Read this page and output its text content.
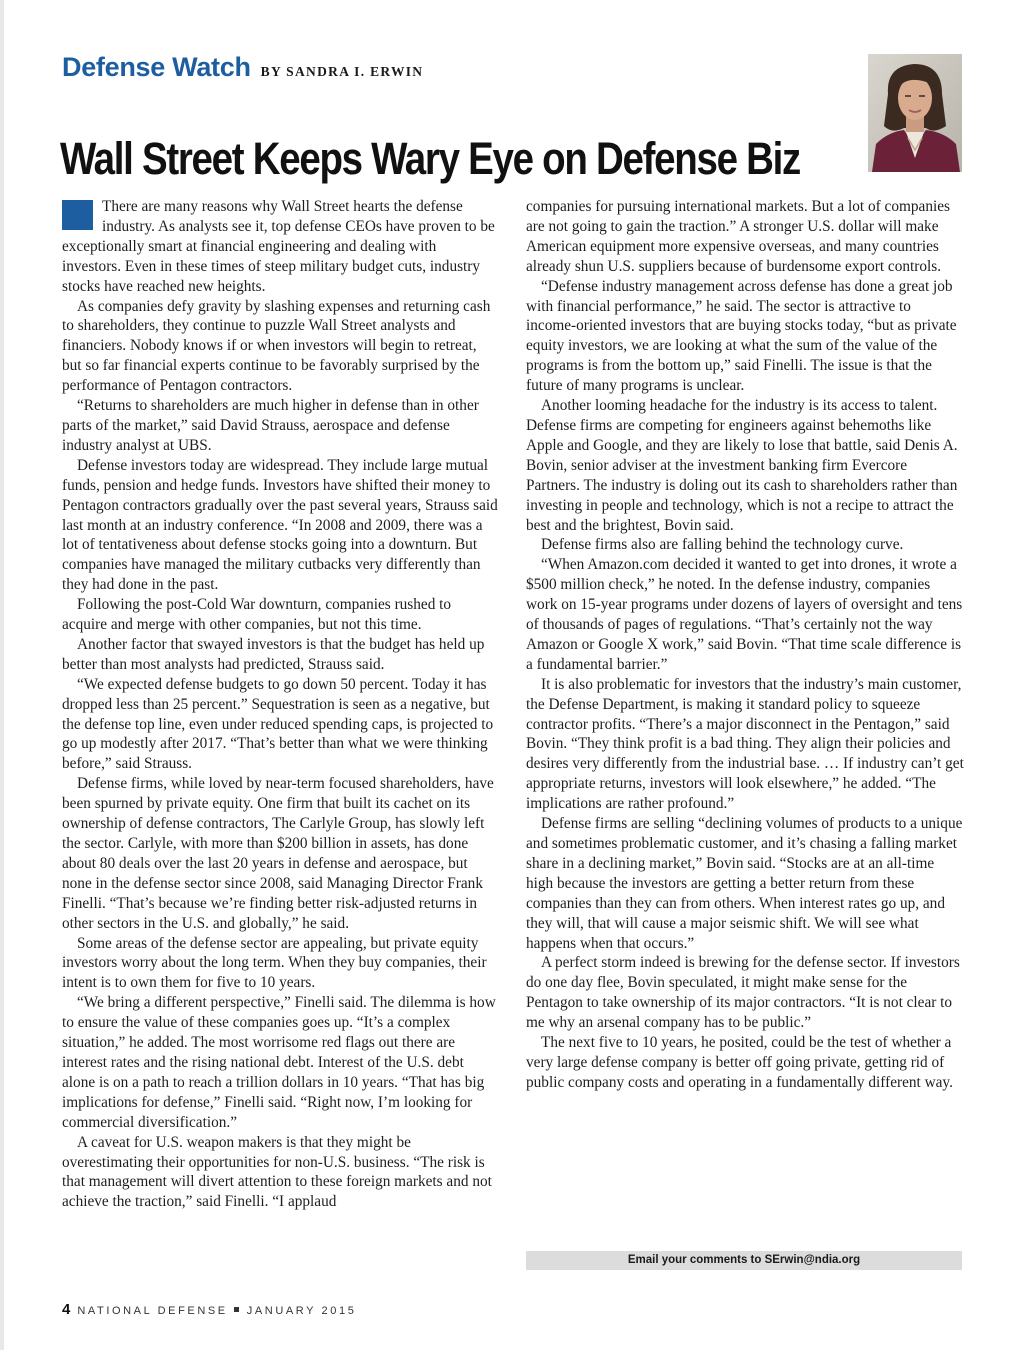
Defense Watch BY SANDRA I. ERWIN
Wall Street Keeps Wary Eye on Defense Biz

There are many reasons why Wall Street hearts the defense industry. As analysts see it, top defense CEOs have proven to be exceptionally smart at financial engineering and dealing with investors. Even in these times of steep military budget cuts, industry stocks have reached new heights.

As companies defy gravity by slashing expenses and returning cash to shareholders, they continue to puzzle Wall Street analysts and financiers. Nobody knows if or when investors will begin to retreat, but so far financial experts continue to be favorably surprised by the performance of Pentagon contractors.

“Returns to shareholders are much higher in defense than in other parts of the market,” said David Strauss, aerospace and defense industry analyst at UBS.

Defense investors today are widespread. They include large mutual funds, pension and hedge funds. Investors have shifted their money to Pentagon contractors gradually over the past several years, Strauss said last month at an industry conference. “In 2008 and 2009, there was a lot of tentativeness about defense stocks going into a downturn. But companies have managed the military cutbacks very differently than they had done in the past.

Following the post-Cold War downturn, companies rushed to acquire and merge with other companies, but not this time.

Another factor that swayed investors is that the budget has held up better than most analysts had predicted, Strauss said.

“We expected defense budgets to go down 50 percent. Today it has dropped less than 25 percent.” Sequestration is seen as a negative, but the defense top line, even under reduced spending caps, is projected to go up modestly after 2017. “That’s better than what we were thinking before,” said Strauss.

Defense firms, while loved by near-term focused shareholders, have been spurned by private equity. One firm that built its cachet on its ownership of defense contractors, The Carlyle Group, has slowly left the sector. Carlyle, with more than $200 billion in assets, has done about 80 deals over the last 20 years in defense and aerospace, but none in the defense sector since 2008, said Managing Director Frank Finelli. “That’s because we’re finding better risk-adjusted returns in other sectors in the U.S. and globally,” he said.

Some areas of the defense sector are appealing, but private equity investors worry about the long term. When they buy companies, their intent is to own them for five to 10 years.

“We bring a different perspective,” Finelli said. The dilemma is how to ensure the value of these companies goes up. “It’s a complex situation,” he added. The most worrisome red flags out there are interest rates and the rising national debt. Interest of the U.S. debt alone is on a path to reach a trillion dollars in 10 years. “That has big implications for defense,” Finelli said. “Right now, I’m looking for commercial diversification.”

A caveat for U.S. weapon makers is that they might be overestimating their opportunities for non-U.S. business. “The risk is that management will divert attention to these foreign markets and not achieve the traction,” said Finelli. “I applaud

companies for pursuing international markets. But a lot of companies are not going to gain the traction.” A stronger U.S. dollar will make American equipment more expensive overseas, and many countries already shun U.S. suppliers because of burdensome export controls.

“Defense industry management across defense has done a great job with financial performance,” he said. The sector is attractive to income-oriented investors that are buying stocks today, “but as private equity investors, we are looking at what the sum of the value of the programs is from the bottom up,” said Finelli. The issue is that the future of many programs is unclear.

Another looming headache for the industry is its access to talent. Defense firms are competing for engineers against behemoths like Apple and Google, and they are likely to lose that battle, said Denis A. Bovin, senior adviser at the investment banking firm Evercore Partners. The industry is doling out its cash to shareholders rather than investing in people and technology, which is not a recipe to attract the best and the brightest, Bovin said.

Defense firms also are falling behind the technology curve.

“When Amazon.com decided it wanted to get into drones, it wrote a $500 million check,” he noted. In the defense industry, companies work on 15-year programs under dozens of layers of oversight and tens of thousands of pages of regulations. “That’s certainly not the way Amazon or Google X work,” said Bovin. “That time scale difference is a fundamental barrier.”

It is also problematic for investors that the industry’s main customer, the Defense Department, is making it standard policy to squeeze contractor profits. “There’s a major disconnect in the Pentagon,” said Bovin. “They think profit is a bad thing. They align their policies and desires very differently from the industrial base. … If industry can’t get appropriate returns, investors will look elsewhere,” he added. “The implications are rather profound.”

Defense firms are selling “declining volumes of products to a unique and sometimes problematic customer, and it’s chasing a falling market share in a declining market,” Bovin said. “Stocks are at an all-time high because the investors are getting a better return from these companies than they can from others. When interest rates go up, and they will, that will cause a major seismic shift. We will see what happens when that occurs.”

A perfect storm indeed is brewing for the defense sector. If investors do one day flee, Bovin speculated, it might make sense for the Pentagon to take ownership of its major contractors. “It is not clear to me why an arsenal company has to be public.”

The next five to 10 years, he posited, could be the test of whether a very large defense company is better off going private, getting rid of public company costs and operating in a fundamentally different way.

Email your comments to SErwin@ndia.org
4 NATIONAL DEFENSE JANUARY 2015
